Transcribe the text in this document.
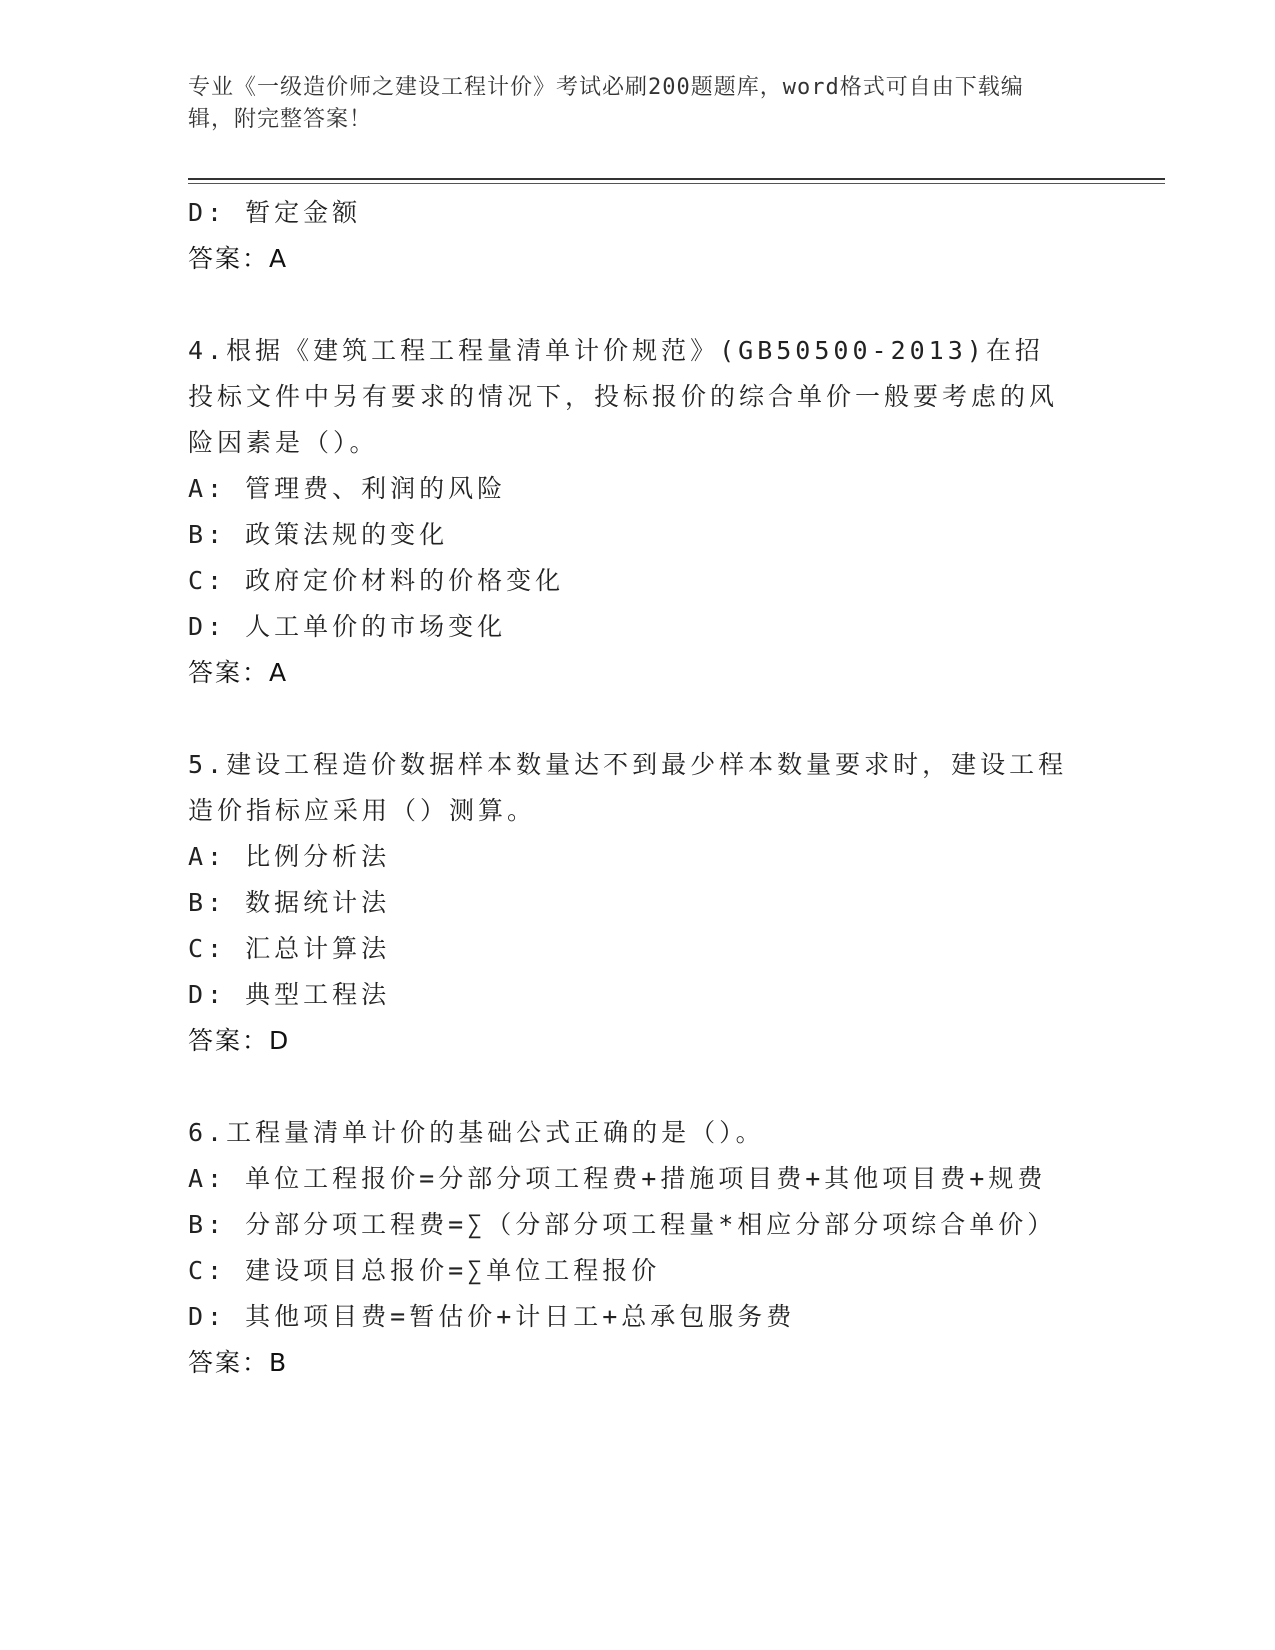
专业《一级造价师之建设工程计价》考试必刷200题题库，word格式可自由下载编辑，附完整答案！
D: 暂定金额
答案：A
4.根据《建筑工程工程量清单计价规范》(GB50500-2013)在招投标文件中另有要求的情况下，投标报价的综合单价一般要考虑的风险因素是（）。
A: 管理费、利润的风险
B: 政策法规的变化
C: 政府定价材料的价格变化
D: 人工单价的市场变化
答案：A
5.建设工程造价数据样本数量达不到最少样本数量要求时，建设工程造价指标应采用（）测算。
A: 比例分析法
B: 数据统计法
C: 汇总计算法
D: 典型工程法
答案：D
6.工程量清单计价的基础公式正确的是（）。
A: 单位工程报价=分部分项工程费+措施项目费+其他项目费+规费
B: 分部分项工程费=∑（分部分项工程量*相应分部分项综合单价）
C: 建设项目总报价=∑单位工程报价
D: 其他项目费=暂估价+计日工+总承包服务费
答案：B
